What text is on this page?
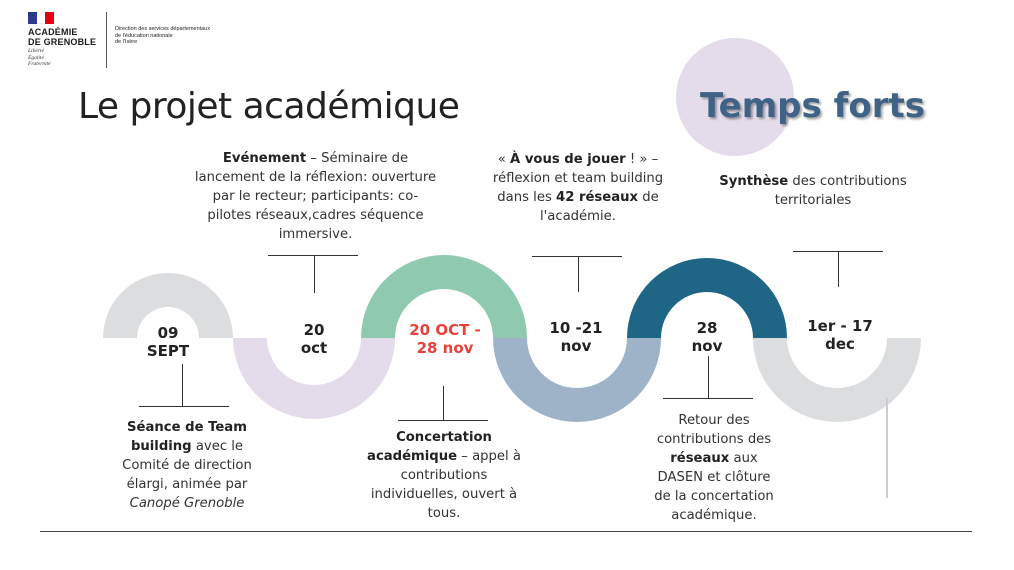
ACADÉMIE
DE GRENOBLE
Liberté
Égalité
Fraternité
Direction des services départementaux
de l'éducation nationale
de l'Isère
Le projet académique	Temps forts
09
SEPT
20
oct
20 OCT -
28 nov
10 -21
nov
28
nov
1er - 17
dec
Evénement – Séminaire de lancement de la réflexion: ouverture par le recteur; participants: co-pilotes réseaux,cadres séquence immersive.
« À vous de jouer ! » – réflexion et team building dans les 42 réseaux de l'académie.
Synthèse des contributions territoriales
Séance de Team building avec le Comité de direction élargi, animée par Canopé Grenoble
Concertation académique – appel à contributions individuelles, ouvert à tous.
Retour des contributions des réseaux aux DASEN et clôture de la concertation académique.
